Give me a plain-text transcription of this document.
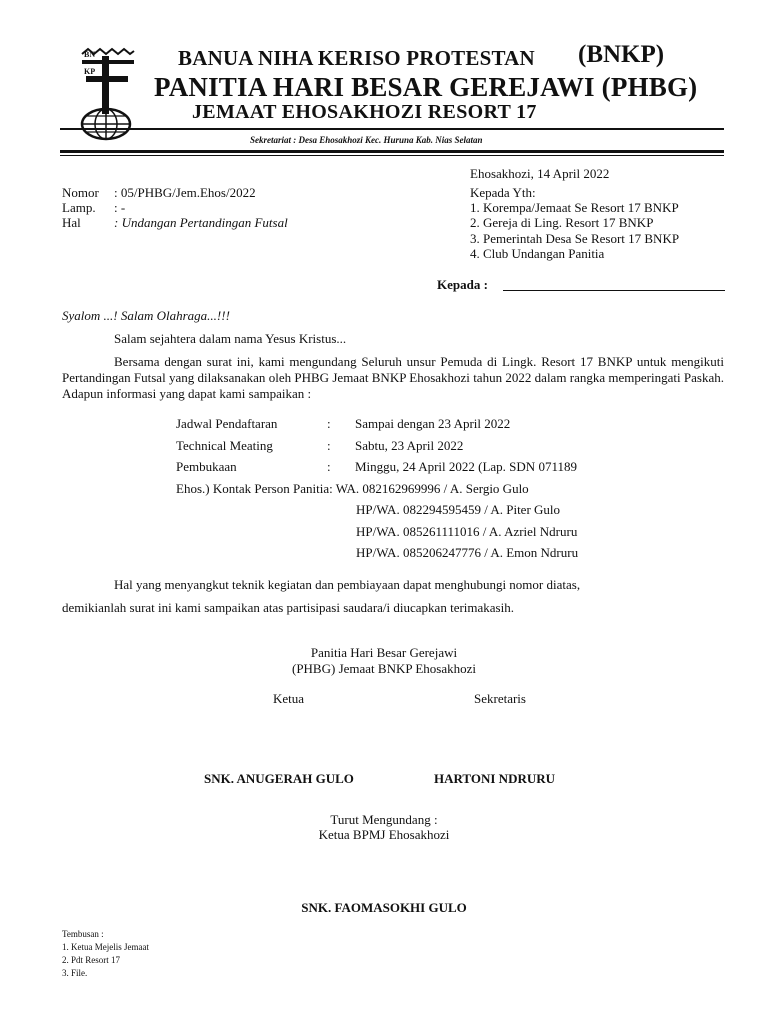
BN
KP
BANUA NIHA KERISO PROTESTAN (BNKP)
PANITIA HARI BESAR GEREJAWI (PHBG)
JEMAAT EHOSAKHOZI RESORT 17
Sekretariat : Desa Ehosakhozi Kec. Huruna Kab. Nias Selatan
Ehosakhozi, 14 April 2022
Nomor : 05/PHBG/Jem.Ehos/2022
Lamp. : -
Hal	: Undangan Pertandingan Futsal
Kepada Yth:
1. Korempa/Jemaat Se Resort 17 BNKP
2. Gereja di Ling. Resort 17 BNKP
3. Pemerintah Desa Se Resort 17 BNKP
4. Club Undangan Panitia
Kepada :
Syalom ...! Salam Olahraga...!!!
Salam sejahtera dalam nama Yesus Kristus...
Bersama dengan surat ini, kami mengundang Seluruh unsur Pemuda di Lingk. Resort 17 BNKP untuk mengikuti Pertandingan Futsal yang dilaksanakan oleh PHBG Jemaat BNKP Ehosakhozi tahun 2022 dalam rangka memperingati Paskah. Adapun informasi yang dapat kami sampaikan :
Jadwal Pendaftaran	: Sampai dengan 23 April 2022
Technical Meating	: Sabtu, 23 April 2022
Pembukaan	: Minggu, 24 April 2022 (Lap. SDN 071189
Ehos.) Kontak Person Panitia: WA. 082162969996 / A. Sergio Gulo
HP/WA. 082294595459 / A. Piter Gulo
HP/WA. 085261111016 / A. Azriel Ndruru
HP/WA. 085206247776 / A. Emon Ndruru
Hal yang menyangkut teknik kegiatan dan pembiayaan dapat menghubungi nomor diatas,
demikianlah surat ini kami sampaikan atas partisipasi saudara/i diucapkan terimakasih.
Panitia Hari Besar Gerejawi
(PHBG) Jemaat BNKP Ehosakhozi
Ketua	Sekretaris
SNK. ANUGERAH GULO	HARTONI NDRURU
Turut Mengundang :
Ketua BPMJ Ehosakhozi
SNK. FAOMASOKHI GULO
Tembusan :
1. Ketua Mejelis Jemaat
2. Pdt Resort 17
3. File.
